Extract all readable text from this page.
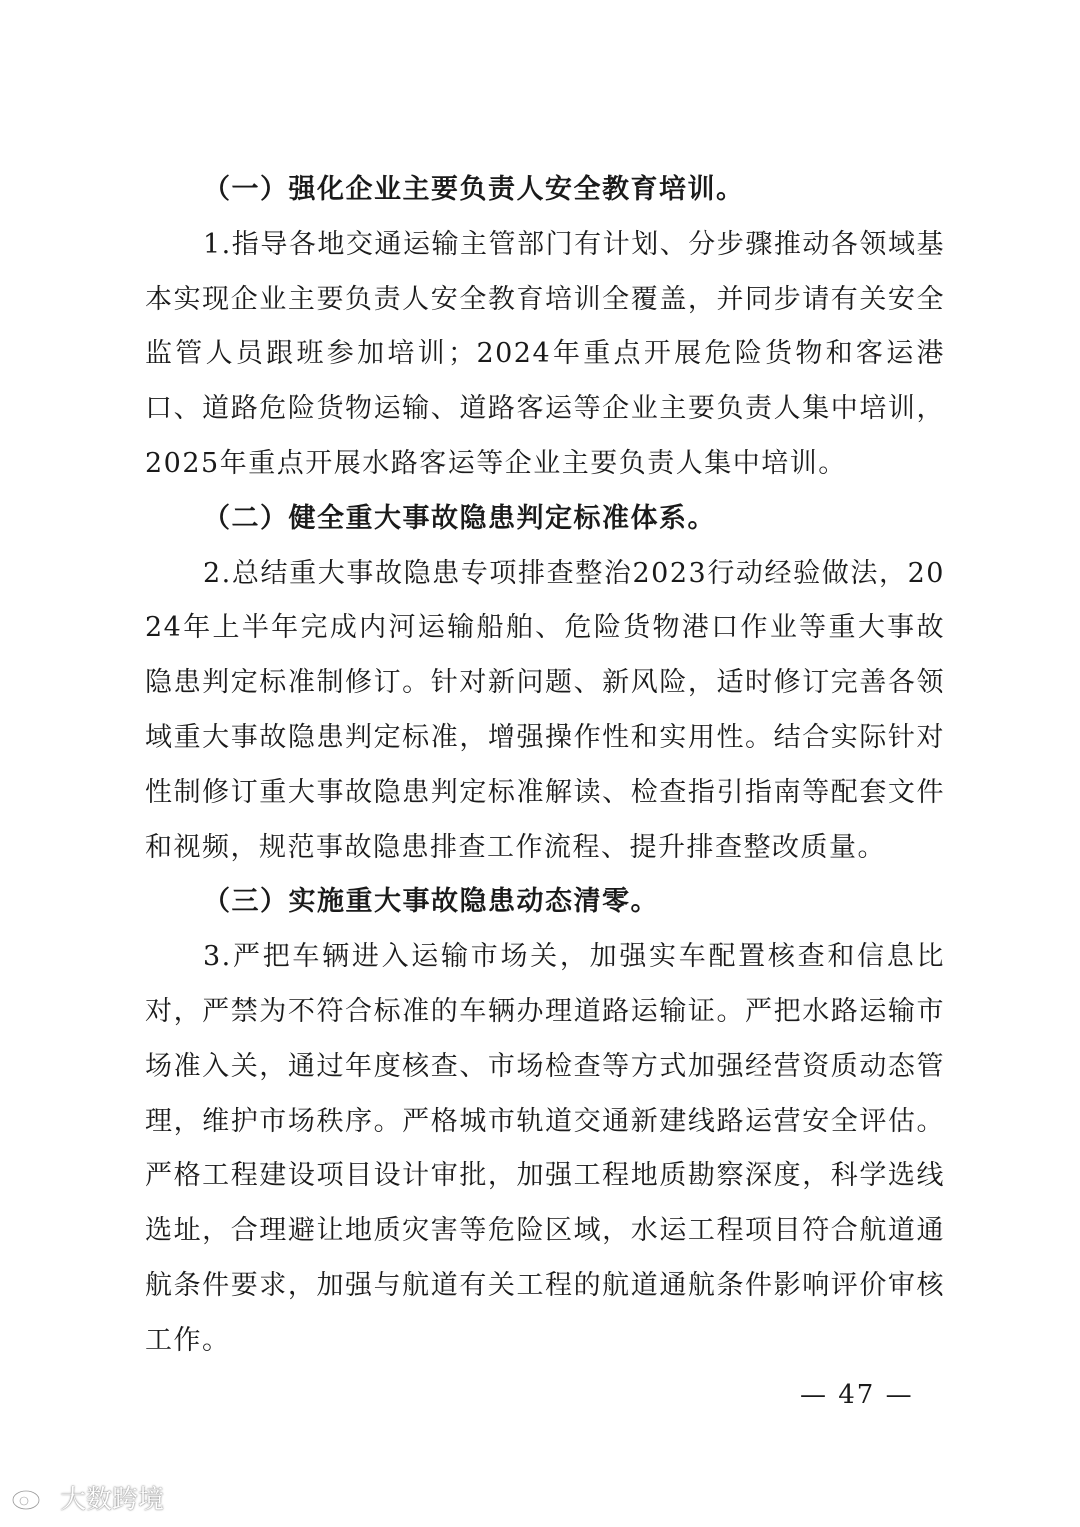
（一）强化企业主要负责人安全教育培训。

1.指导各地交通运输主管部门有计划、分步骤推动各领域基本实现企业主要负责人安全教育培训全覆盖，并同步请有关安全监管人员跟班参加培训；2024年重点开展危险货物和客运港口、道路危险货物运输、道路客运等企业主要负责人集中培训，2025年重点开展水路客运等企业主要负责人集中培训。

（二）健全重大事故隐患判定标准体系。

2.总结重大事故隐患专项排查整治2023行动经验做法，2024年上半年完成内河运输船舶、危险货物港口作业等重大事故隐患判定标准制修订。针对新问题、新风险，适时修订完善各领域重大事故隐患判定标准，增强操作性和实用性。结合实际针对性制修订重大事故隐患判定标准解读、检查指引指南等配套文件和视频，规范事故隐患排查工作流程、提升排查整改质量。

（三）实施重大事故隐患动态清零。

3.严把车辆进入运输市场关，加强实车配置核查和信息比对，严禁为不符合标准的车辆办理道路运输证。严把水路运输市场准入关，通过年度核查、市场检查等方式加强经营资质动态管理，维护市场秩序。严格城市轨道交通新建线路运营安全评估。严格工程建设项目设计审批，加强工程地质勘察深度，科学选线选址，合理避让地质灾害等危险区域，水运工程项目符合航道通航条件要求，加强与航道有关工程的航道通航条件影响评价审核工作。

— 47 —
大数跨境
